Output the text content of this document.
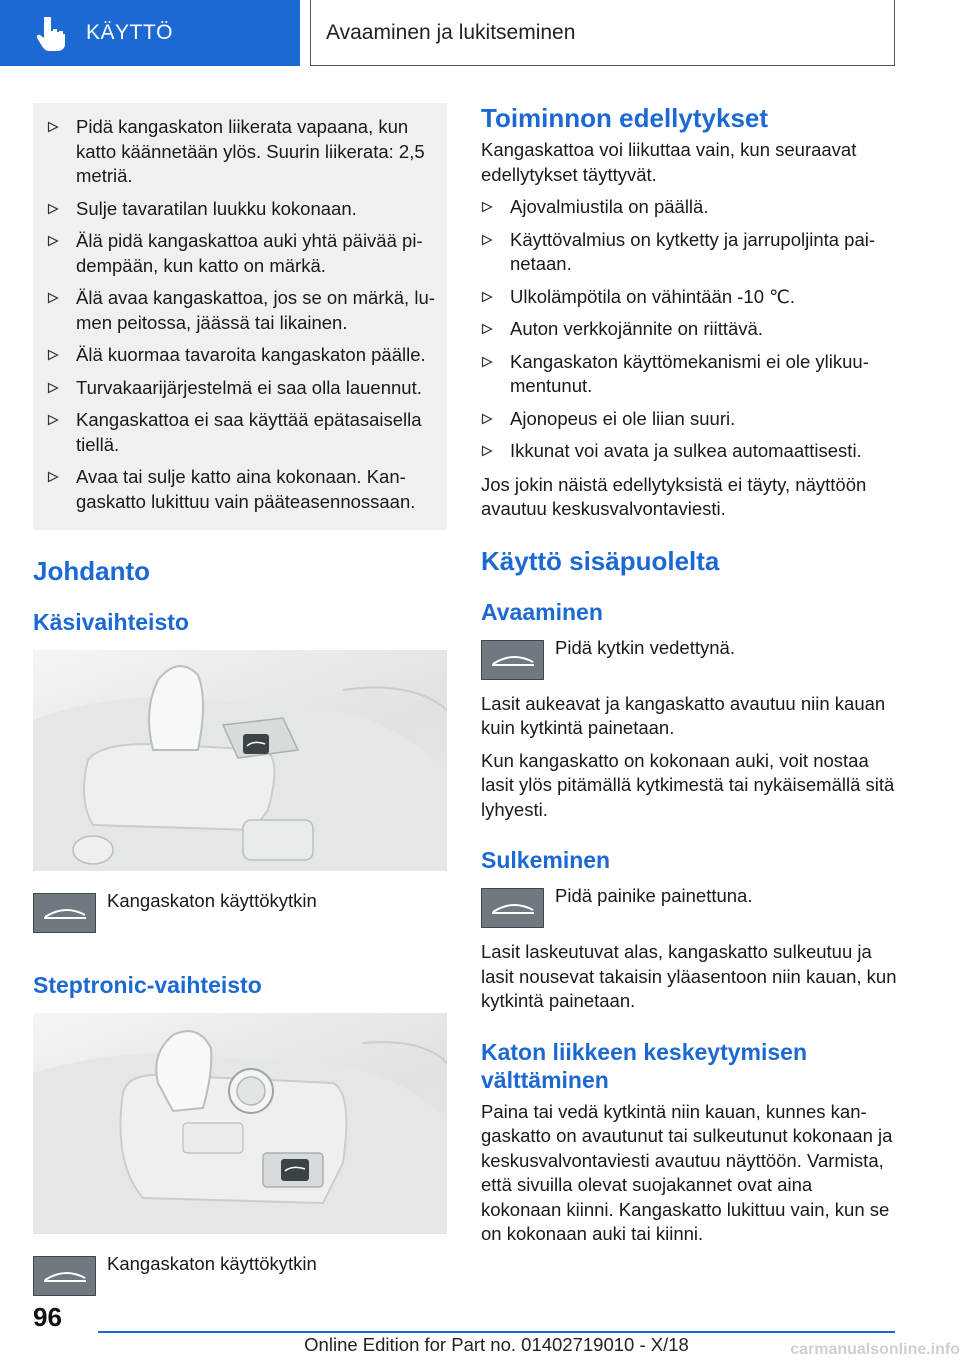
KÄYTTÖ	Avaaminen ja lukitseminen
Pidä kangaskaton liikerata vapaana, kun katto käännetään ylös. Suurin liikerata: 2,5 metriä.
Sulje tavaratilan luukku kokonaan.
Älä pidä kangaskattoa auki yhtä päivää pidempään, kun katto on märkä.
Älä avaa kangaskattoa, jos se on märkä, lumen peitossa, jäässä tai likainen.
Älä kuormaa tavaroita kangaskaton päälle.
Turvakaarijärjestelmä ei saa olla lauennut.
Kangaskattoa ei saa käyttää epätasaisella tiellä.
Avaa tai sulje katto aina kokonaan. Kangaskatto lukittuu vain pääteasennossaan.
Johdanto
Käsivaihteisto
Kangaskaton käyttökytkin
Steptronic-vaihteisto
Kangaskaton käyttökytkin
Toiminnon edellytykset

Kangaskattoa voi liikuttaa vain, kun seuraavat edellytykset täyttyvät.

Ajovalmiustila on päällä.
Käyttövalmius on kytketty ja jarrupoljinta painetaan.
Ulkolämpötila on vähintään -10 ℃.
Auton verkkojännite on riittävä.
Kangaskaton käyttömekanismi ei ole ylikuumentunut.
Ajonopeus ei ole liian suuri.
Ikkunat voi avata ja sulkea automaattisesti.

Jos jokin näistä edellytyksistä ei täyty, näyttöön avautuu keskusvalvontaviesti.

Käyttö sisäpuolelta
Avaaminen
Pidä kytkin vedettynä.

Lasit aukeavat ja kangaskatto avautuu niin kauan kuin kytkintä painetaan.

Kun kangaskatto on kokonaan auki, voit nostaa lasit ylös pitämällä kytkimestä tai nykäisemällä sitä lyhyesti.

Sulkeminen
Pidä painike painettuna.

Lasit laskeutuvat alas, kangaskatto sulkeutuu ja lasit nousevat takaisin yläasentoon niin kauan, kun kytkintä painetaan.

Katon liikkeen keskeytymisen välttäminen

Paina tai vedä kytkintä niin kauan, kunnes kangaskatto on avautunut tai sulkeutunut kokonaan ja keskusvalvontaviesti avautuu näyttöön. Varmista, että sivuilla olevat suojakannet ovat aina kokonaan kiinni. Kangaskatto lukittuu vain, kun se on kokonaan auki tai kiinni.

96
Online Edition for Part no. 01402719010 - X/18	carmanualsonline.info
